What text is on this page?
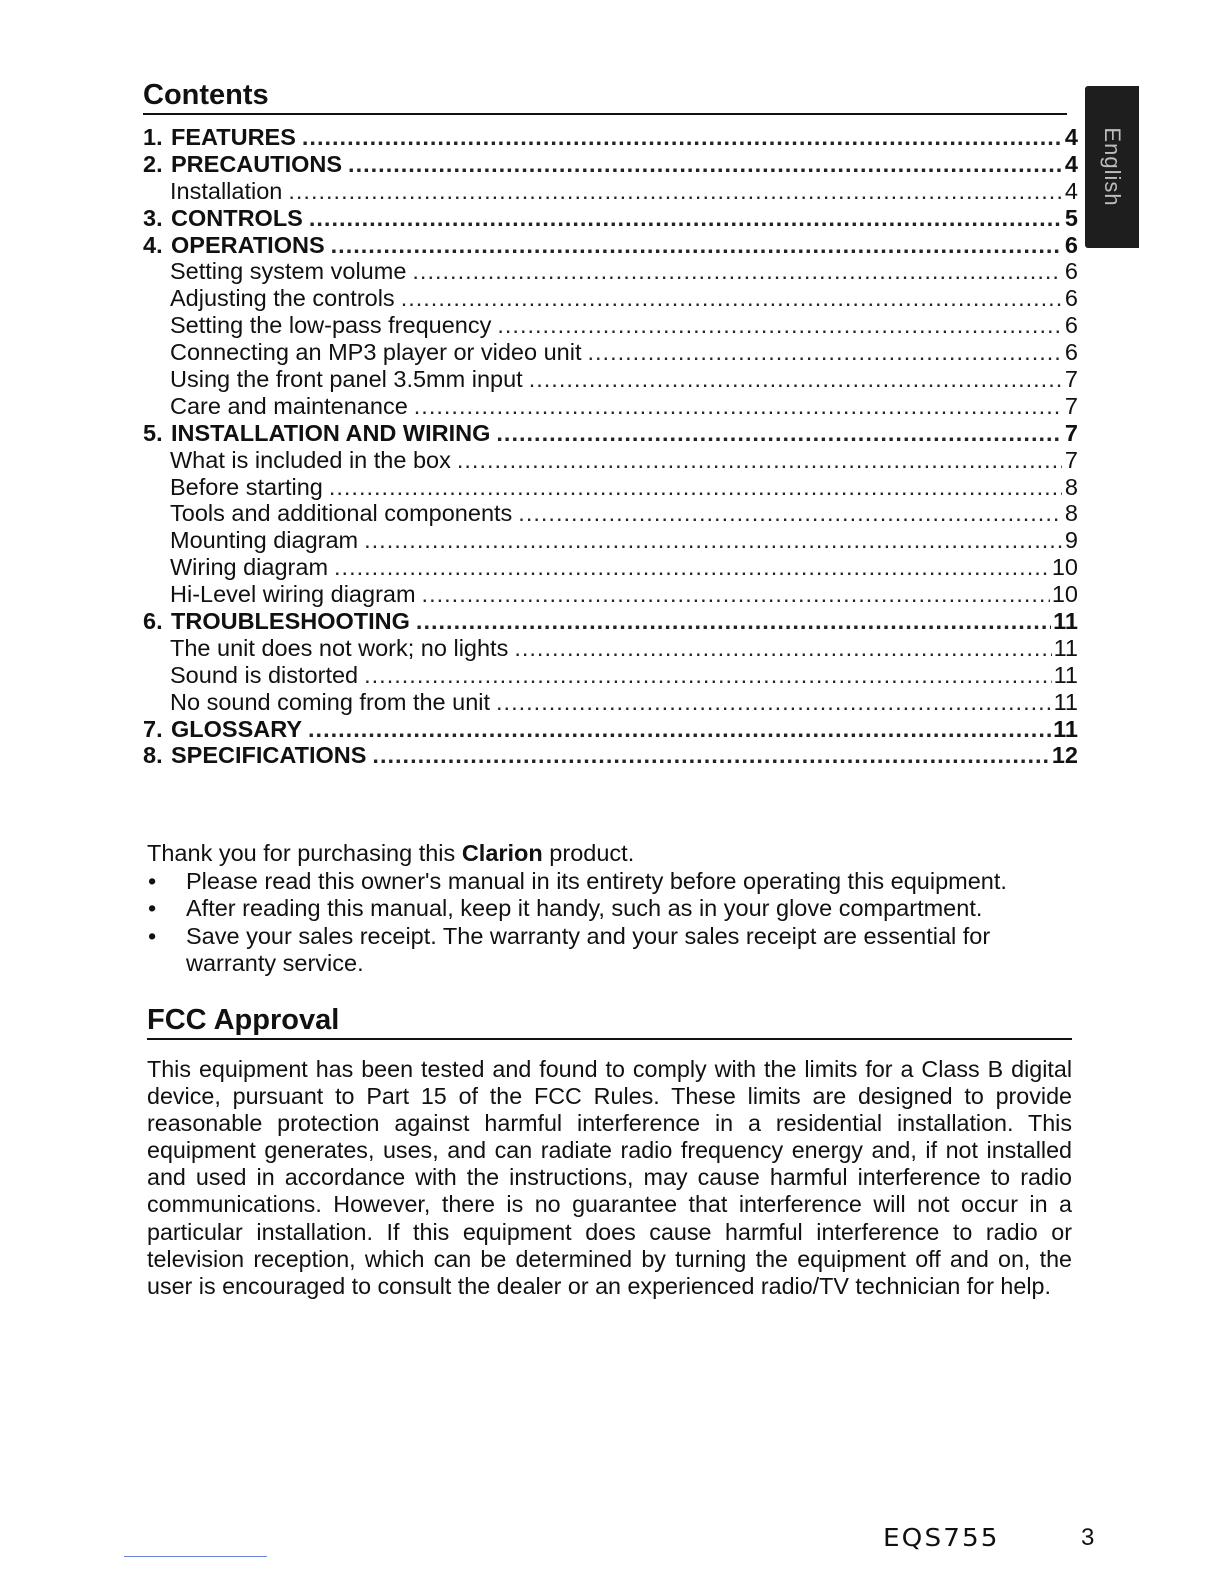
Contents
English
1. FEATURES .....	4
2. PRECAUTIONS .....	4
Installation .....	4
3. CONTROLS .....	5
4. OPERATIONS .....	6
Setting system volume .....	6
Adjusting the controls .....	6
Setting the low-pass frequency .....	6
Connecting an MP3 player or video unit .....	6
Using the front panel 3.5mm input .....	7
Care and maintenance .....	7
5. INSTALLATION AND WIRING .....	7
What is included in the box .....	7
Before starting .....	8
Tools and additional components .....	8
Mounting diagram .....	9
Wiring diagram .....	10
Hi-Level wiring diagram .....	10
6. TROUBLESHOOTING .....	11
The unit does not work; no lights .....	11
Sound is distorted .....	11
No sound coming from the unit .....	11
7. GLOSSARY .....	11
8. SPECIFICATIONS .....	12

Thank you for purchasing this Clarion product.

• Please read this owner's manual in its entirety before operating this equipment.
• After reading this manual, keep it handy, such as in your glove compartment.
• Save your sales receipt. The warranty and your sales receipt are essential for warranty service.
FCC Approval

This equipment has been tested and found to comply with the limits for a Class B digital device, pursuant to Part 15 of the FCC Rules. These limits are designed to provide reasonable protection against harmful interference in a residential installation. This equipment generates, uses, and can radiate radio frequency energy and, if not installed and used in accordance with the instructions, may cause harmful interference to radio communications. However, there is no guarantee that interference will not occur in a particular installation. If this equipment does cause harmful interference to radio or television reception, which can be determined by turning the equipment off and on, the user is encouraged to consult the dealer or an experienced radio/TV technician for help.

EQS755	3
